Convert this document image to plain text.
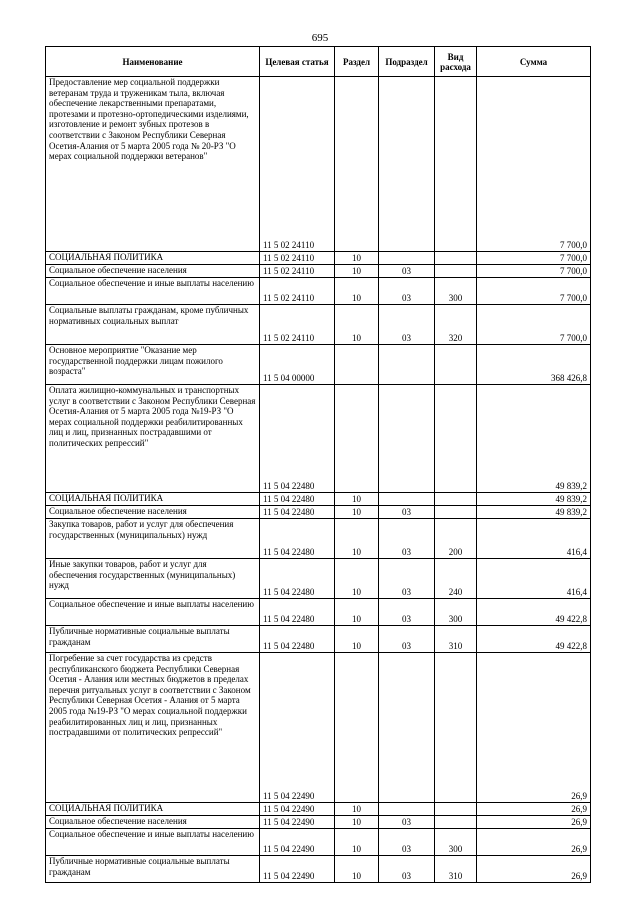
695
Наименование	Целевая статья	Раздел	Подраздел	Вид расхода	Сумма
Предоставление мер социальной поддержки ветеранам труда и труженикам тыла, включая обеспечение лекарственными препаратами, протезами и протезно-ортопедическими изделиями, изготовление и ремонт зубных протезов в соответствии с Законом Республики Северная Осетия-Алания от 5 марта 2005 года № 20-РЗ "О мерах социальной поддержки ветеранов"	11 5 02 24110				7 700,0
СОЦИАЛЬНАЯ ПОЛИТИКА	11 5 02 24110	10			7 700,0
Социальное обеспечение населения	11 5 02 24110	10	03		7 700,0
Социальное обеспечение и иные выплаты населению	11 5 02 24110	10	03	300	7 700,0
Социальные выплаты гражданам, кроме публичных нормативных социальных выплат	11 5 02 24110	10	03	320	7 700,0
Основное мероприятие "Оказание мер государственной поддержки лицам пожилого возраста"	11 5 04 00000				368 426,8
Оплата жилищно-коммунальных и транспортных услуг в соответствии с Законом Республики Северная Осетия-Алания от 5 марта 2005 года №19-РЗ "О мерах социальной поддержки реабилитированных лиц и лиц, признанных пострадавшими от политических репрессий"	11 5 04 22480				49 839,2
СОЦИАЛЬНАЯ ПОЛИТИКА	11 5 04 22480	10			49 839,2
Социальное обеспечение населения	11 5 04 22480	10	03		49 839,2
Закупка товаров, работ и услуг для обеспечения государственных (муниципальных) нужд	11 5 04 22480	10	03	200	416,4
Иные закупки товаров, работ и услуг для обеспечения государственных (муниципальных) нужд	11 5 04 22480	10	03	240	416,4
Социальное обеспечение и иные выплаты населению	11 5 04 22480	10	03	300	49 422,8
Публичные нормативные социальные выплаты гражданам	11 5 04 22480	10	03	310	49 422,8
Погребение за счет государства из средств республиканского бюджета Республики Северная Осетия - Алания или местных бюджетов в пределах перечня ритуальных услуг в соответствии с Законом Республики Северная Осетия - Алания от 5 марта 2005 года №19-РЗ "О мерах социальной поддержки реабилитированных лиц и лиц, признанных пострадавшими от политических репрессий"	11 5 04 22490				26,9
СОЦИАЛЬНАЯ ПОЛИТИКА	11 5 04 22490	10			26,9
Социальное обеспечение населения	11 5 04 22490	10	03		26,9
Социальное обеспечение и иные выплаты населению	11 5 04 22490	10	03	300	26,9
Публичные нормативные социальные выплаты гражданам	11 5 04 22490	10	03	310	26,9
